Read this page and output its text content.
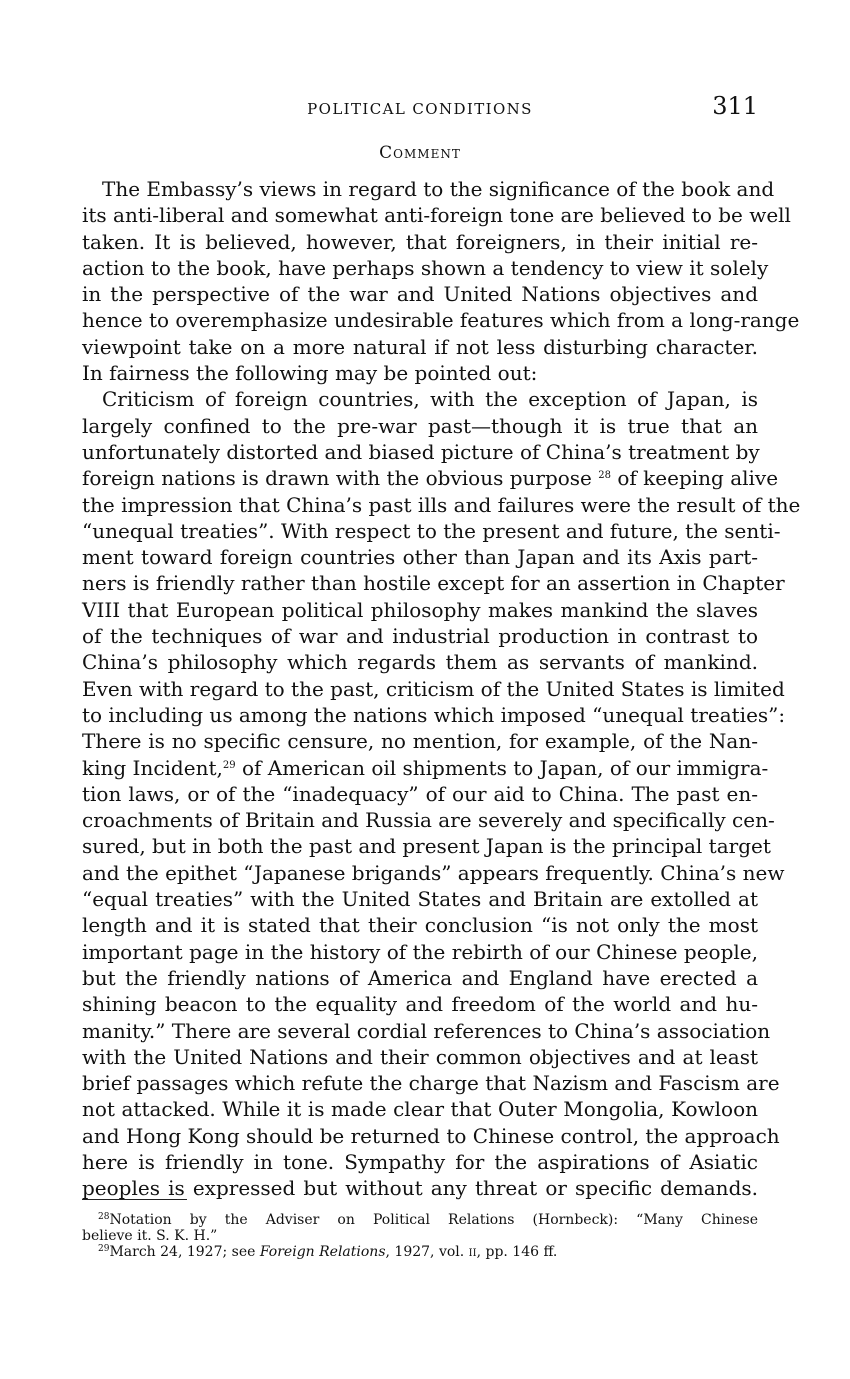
POLITICAL CONDITIONS	311
Comment
The Embassy’s views in regard to the significance of the book and
its anti-liberal and somewhat anti-foreign tone are believed to be well
taken. It is believed, however, that foreigners, in their initial re-
action to the book, have perhaps shown a tendency to view it solely
in the perspective of the war and United Nations objectives and
hence to overemphasize undesirable features which from a long-range
viewpoint take on a more natural if not less disturbing character.
In fairness the following may be pointed out:
Criticism of foreign countries, with the exception of Japan, is
largely confined to the pre-war past—though it is true that an
unfortunately distorted and biased picture of China’s treatment by
foreign nations is drawn with the obvious purpose $^{28}$ of keeping alive
the impression that China’s past ills and failures were the result of the
“unequal treaties”. With respect to the present and future, the senti-
ment toward foreign countries other than Japan and its Axis part-
ners is friendly rather than hostile except for an assertion in Chapter
VIII that European political philosophy makes mankind the slaves
of the techniques of war and industrial production in contrast to
China’s philosophy which regards them as servants of mankind.
Even with regard to the past, criticism of the United States is limited
to including us among the nations which imposed “unequal treaties”:
There is no specific censure, no mention, for example, of the Nan-
king Incident,$^{29}$ of American oil shipments to Japan, of our immigra-
tion laws, or of the “inadequacy” of our aid to China. The past en-
croachments of Britain and Russia are severely and specifically cen-
sured, but in both the past and present Japan is the principal target
and the epithet “Japanese brigands” appears frequently. China’s new
“equal treaties” with the United States and Britain are extolled at
length and it is stated that their conclusion “is not only the most
important page in the history of the rebirth of our Chinese people,
but the friendly nations of America and England have erected a
shining beacon to the equality and freedom of the world and hu-
manity.” There are several cordial references to China’s association
with the United Nations and their common objectives and at least
brief passages which refute the charge that Nazism and Fascism are
not attacked. While it is made clear that Outer Mongolia, Kowloon
and Hong Kong should be returned to Chinese control, the approach
here is friendly in tone. Sympathy for the aspirations of Asiatic
peoples is expressed but without any threat or specific demands.
$^{28}$Notation by the Adviser on Political Relations (Hornbeck): “Many Chinese
believe it. S. K. H.”
$^{29}$March 24, 1927; see Foreign Relations, 1927, vol. ii, pp. 146 ff.
